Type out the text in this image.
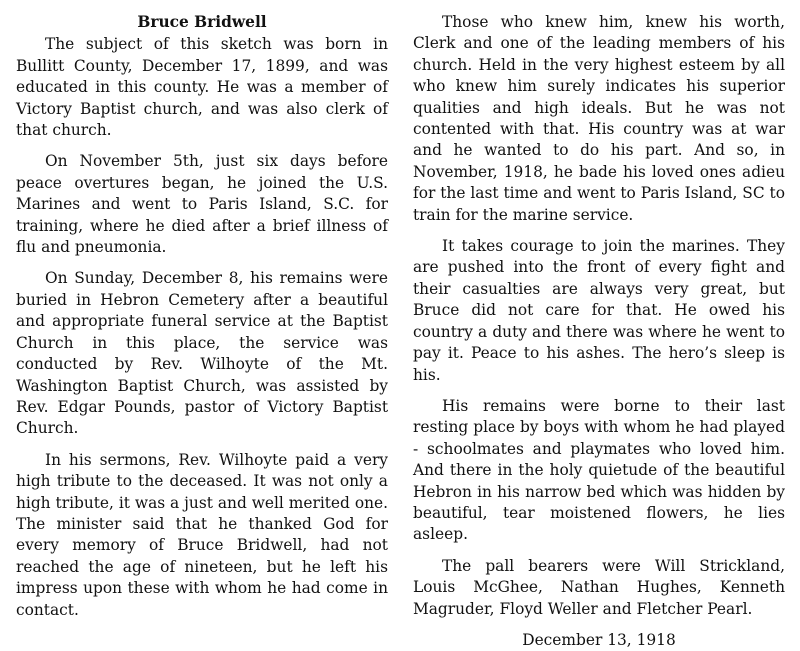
Bruce Bridwell

The subject of this sketch was born in Bullitt County, December 17, 1899, and was educated in this county. He was a member of Victory Baptist church, and was also clerk of that church.

On November 5th, just six days before peace overtures began, he joined the U.S. Marines and went to Paris Island, S.C. for training, where he died after a brief illness of flu and pneumonia.

On Sunday, December 8, his remains were buried in Hebron Cemetery after a beautiful and appropriate funeral service at the Baptist Church in this place, the service was conducted by Rev. Wilhoyte of the Mt. Washington Baptist Church, was assisted by Rev. Edgar Pounds, pastor of Victory Baptist Church.

In his sermons, Rev. Wilhoyte paid a very high tribute to the deceased. It was not only a high tribute, it was a just and well merited one. The minister said that he thanked God for every memory of Bruce Bridwell, had not reached the age of nineteen, but he left his impress upon these with whom he had come in contact.

Those who knew him, knew his worth, Clerk and one of the leading members of his church. Held in the very highest esteem by all who knew him surely indicates his superior qualities and high ideals. But he was not contented with that. His country was at war and he wanted to do his part. And so, in November, 1918, he bade his loved ones adieu for the last time and went to Paris Island, SC to train for the marine service.

It takes courage to join the marines. They are pushed into the front of every fight and their casualties are always very great, but Bruce did not care for that. He owed his country a duty and there was where he went to pay it. Peace to his ashes. The hero’s sleep is his.

His remains were borne to their last resting place by boys with whom he had played - schoolmates and playmates who loved him. And there in the holy quietude of the beautiful Hebron in his narrow bed which was hidden by beautiful, tear moistened flowers, he lies asleep.

The pall bearers were Will Strickland, Louis McGhee, Nathan Hughes, Kenneth Magruder, Floyd Weller and Fletcher Pearl.

December 13, 1918
